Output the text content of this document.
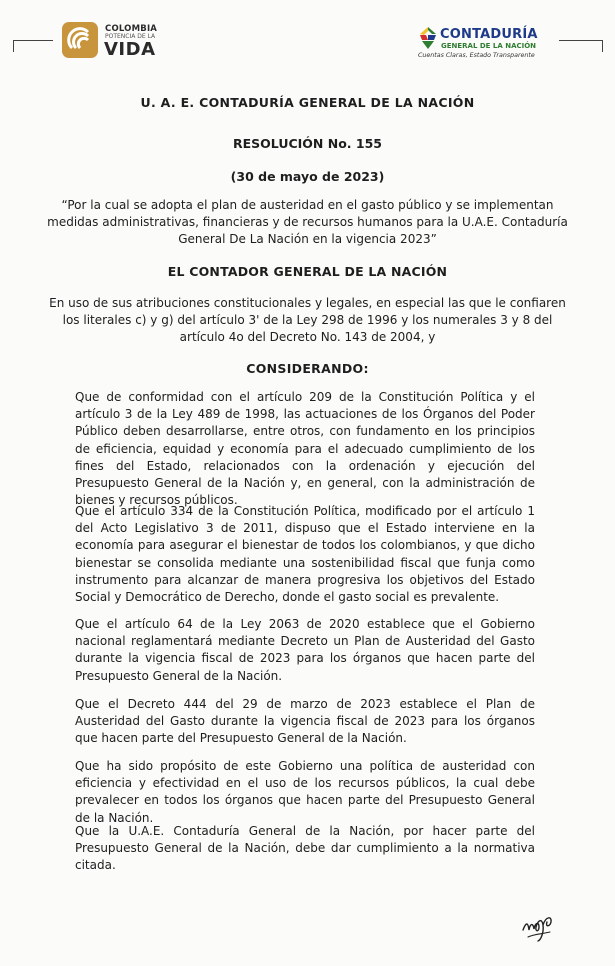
COLOMBIA
POTENCIA DE LA
VIDA
CONTADURÍA
GENERAL DE LA NACIÓN
Cuentas Claras, Estado Transparente
U. A. E. CONTADURÍA GENERAL DE LA NACIÓN
RESOLUCIÓN No. 155
(30 de mayo de 2023)
“Por la cual se adopta el plan de austeridad en el gasto público y se implementan medidas administrativas, financieras y de recursos humanos para la U.A.E. Contaduría General De La Nación en la vigencia 2023”
EL CONTADOR GENERAL DE LA NACIÓN
En uso de sus atribuciones constitucionales y legales, en especial las que le confiaren los literales c) y g) del artículo 3' de la Ley 298 de 1996 y los numerales 3 y 8 del artículo 4o del Decreto No. 143 de 2004, y
CONSIDERANDO:

Que de conformidad con el artículo 209 de la Constitución Política y el artículo 3 de la Ley 489 de 1998, las actuaciones de los Órganos del Poder Público deben desarrollarse, entre otros, con fundamento en los principios de eficiencia, equidad y economía para el adecuado cumplimiento de los fines del Estado, relacionados con la ordenación y ejecución del Presupuesto General de la Nación y, en general, con la administración de bienes y recursos públicos.

Que el artículo 334 de la Constitución Política, modificado por el artículo 1 del Acto Legislativo 3 de 2011, dispuso que el Estado interviene en la economía para asegurar el bienestar de todos los colombianos, y que dicho bienestar se consolida mediante una sostenibilidad fiscal que funja como instrumento para alcanzar de manera progresiva los objetivos del Estado Social y Democrático de Derecho, donde el gasto social es prevalente.

Que el artículo 64 de la Ley 2063 de 2020 establece que el Gobierno nacional reglamentará mediante Decreto un Plan de Austeridad del Gasto durante la vigencia fiscal de 2023 para los órganos que hacen parte del Presupuesto General de la Nación.

Que el Decreto 444 del 29 de marzo de 2023 establece el Plan de Austeridad del Gasto durante la vigencia fiscal de 2023 para los órganos que hacen parte del Presupuesto General de la Nación.

Que ha sido propósito de este Gobierno una política de austeridad con eficiencia y efectividad en el uso de los recursos públicos, la cual debe prevalecer en todos los órganos que hacen parte del Presupuesto General de la Nación.

Que la U.A.E. Contaduría General de la Nación, por hacer parte del Presupuesto General de la Nación, debe dar cumplimiento a la normativa citada.
